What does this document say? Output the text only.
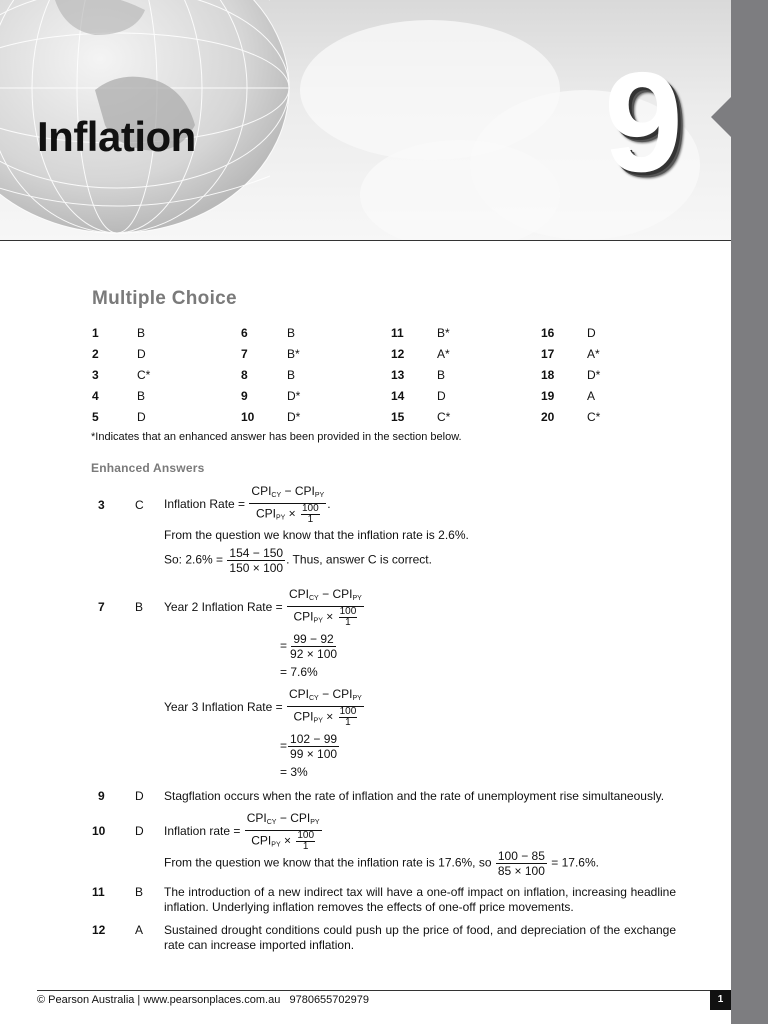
Inflation	9
Multiple Choice
1	B
2	D
3	C*
4	B
5	D
6	B
7	B*
8	B
9	D*
10	D*
11	B*
12	A*
13	B
14	D
15	C*
16	D
17	A*
18	D*
19	A
20	C*
*Indicates that an enhanced answer has been provided in the section below.
Enhanced Answers
3	C Inflation Rate = $\frac{CPI_{CY} - CPI_{PY}}{CPI_{PY} \times \frac{100}{1}}$ .
From the question we know that the inflation rate is 2.6%.
So: $2.6\% = \frac{154 - 150}{150 \times 100}$ . Thus, answer C is correct.
7	B Year 2 Inflation Rate = $\frac{CPI_{CY} - CPI_{PY}}{CPI_{PY} \times \frac{100}{1}}$
= $\frac{99 - 92}{92 \times 100}$
= 7.6%
Year 3 Inflation Rate = $\frac{CPI_{CY} - CPI_{PY}}{CPI_{PY} \times \frac{100}{1}}$
= $\frac{102 - 99}{99 \times 100}$
= 3%
9	D Stagflation occurs when the rate of inflation and the rate of unemployment rise simultaneously.
10 D Inflation rate = $\frac{CPI_{CY} - CPI_{PY}}{CPI_{PY} \times \frac{100}{1}}$
From the question we know that the inflation rate is 17.6%, so $\frac{100 - 85}{85 \times 100} = 17.6\%$.
11	B The introduction of a new indirect tax will have a one-off impact on inflation, increasing headline inflation. Underlying inflation removes the effects of one-off price movements.
12 A Sustained drought conditions could push up the price of food, and depreciation of the exchange rate can increase imported inflation.
© Pearson Australia | www.pearsonplaces.com.au   9780655702979	1
